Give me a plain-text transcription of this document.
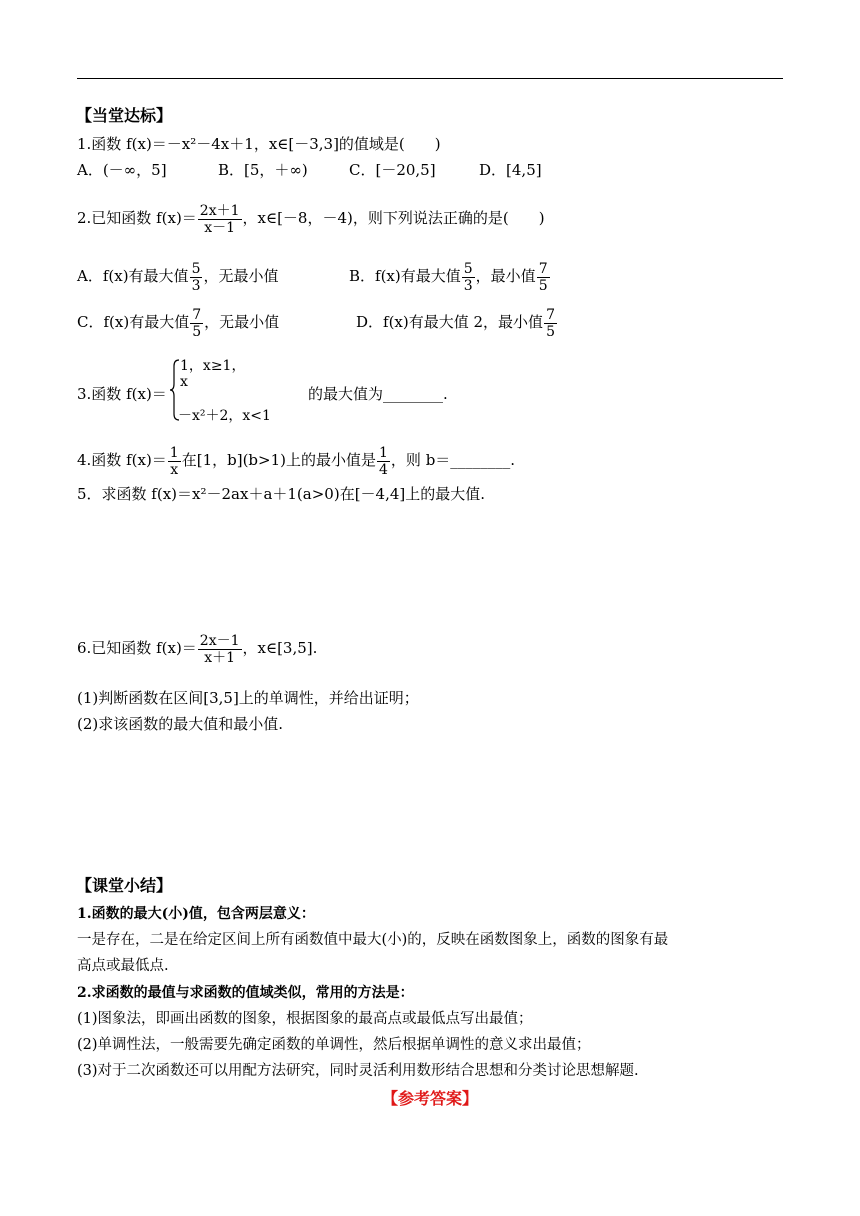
【当堂达标】
1.函数 f(x)＝－x²－4x＋1，x∈[－3,3]的值域是(　　)
A．(－∞，5]	B．[5，＋∞)	C．[－20,5]	D．[4,5]
2.已知函数 $f(x)= \frac{2x+1}{x-1}$ ，x∈[－8，－4)，则下列说法正确的是(　　)
A．f(x)有最大值 $\frac{5}{3}$ ，无最小值	B．f(x)有最大值 $\frac{5}{3}$ ，最小值 $\frac{7}{5}$
C．f(x)有最大值 $\frac{7}{5}$ ，无最小值	D．f(x)有最大值 2，最小值 $\frac{7}{5}$
3.函数 f(x)＝
1
x
，x≥1，
－x²＋2，x<1
的最大值为________.
4.函数 $f(x)= \frac{1}{x}$ 在[1，b](b>1)上的最小值是 $\frac{1}{4}$ ，则 b＝________.
5．求函数 f(x)＝x²－2ax＋a＋1(a>0)在[－4,4]上的最大值.
6.已知函数 $f(x)= \frac{2x-1}{x+1}$ ，x∈[3,5].
(1)判断函数在区间[3,5]上的单调性，并给出证明；
(2)求该函数的最大值和最小值.
【课堂小结】
1.函数的最大(小)值，包含两层意义：
一是存在，二是在给定区间上所有函数值中最大(小)的，反映在函数图象上，函数的图象有最
高点或最低点.
2.求函数的最值与求函数的值域类似，常用的方法是：
(1)图象法，即画出函数的图象，根据图象的最高点或最低点写出最值；
(2)单调性法，一般需要先确定函数的单调性，然后根据单调性的意义求出最值；
(3)对于二次函数还可以用配方法研究，同时灵活利用数形结合思想和分类讨论思想解题.
【参考答案】
